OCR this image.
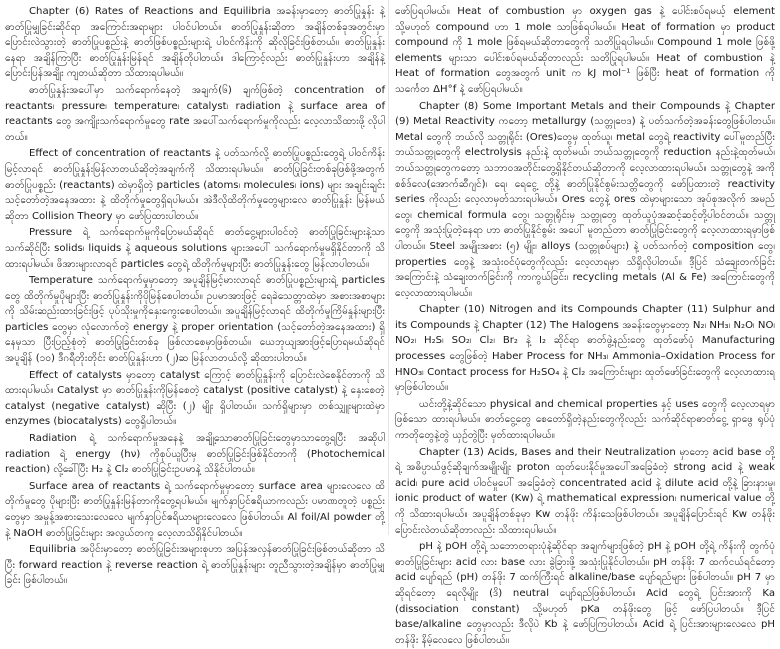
Chapter (6) Rates of Reactions and Equilibria အခန်းမှာတော့ ဓာတ်ပြုနှုန်း နဲ့ ဓာတ်ပြုမျှခြင်းဆိုင်ရာ အကြောင်းအရာများ ပါဝင်ပါတယ်။ ဓာတ်ပြုနှုန်းဆိုတာ အချိန်တစ်ခုအတွင်းမှာ ပြောင်းလဲသွားတဲ့ ဓာတ်ပြုပစ္စည်းနဲ့ ဓာတ်ဖြစ်ပစ္စည်းများရဲ့ ပါဝင်ကိန်းကို ဆိုလိုခြင်းဖြစ်တယ်။ ဓာတ်ပြုနှုန်းနေရာ အချိန်ကြာပြီး ဓာတ်ပြုနှုန်းမြန်ရင် အချိန်တိုပါတယ်။ ဒါကြောင့်လည်း ဓာတ်ပြုနှုန်းဟာ အချိန်နဲ့ ပြောင်းပြန်အချိုး ကျတယ်ဆိုတာ သိထားရပါမယ်။

ဓာတ်ပြုနှုန်းအပေါ်မှာ သက်ရောက်နေတဲ့ အချက်(၆) ချက်ဖြစ်တဲ့ concentration of reactants၊ pressure၊ temperature၊ catalyst၊ radiation နဲ့ surface area of reactants တွေ အကျိုးသက်ရောက်မှုတွေ rate အပေါ်သက်ရောက်မှုကိုလည်း လေ့လာသိထားဖို့ လိုပါတယ်။

Effect of concentration of reactants နဲ့ ပတ်သက်လို့ ဓာတ်ပြုပစ္စည်းတွေရဲ့ ပါဝင်ကိန်းမြင့်လာရင် ဓာတ်ပြုနှုန်းမြန်လာတယ်ဆိုတဲ့အချက်ကို သိထားရပါမယ်။ ဓာတ်ပြုခြင်းတစ်ခုဖြစ်ဖို့အတွက် ဓာတ်ပြုပစ္စည်း (reactants) ထဲမှာရှိတဲ့ particles (atoms၊ molecules၊ ions) များ အချင်းချင်းသင့်တော်တဲ့အနေအထား နဲ့ ထိတိုက်မှုတွေရှိရပါမယ်။ အဲဒီလိုထိတိုက်မှုတွေများလေ ဓာတ်ပြုနှုန်း မြန်မယ်ဆိုတာ Collision Theory မှာ ဖော်ပြထားပါတယ်။

Pressure ရဲ့ သက်ရောက်မှုကိုပြောမယ်ဆိုရင် ဓာတ်ငွေ့များပါဝင်တဲ့ ဓာတ်ပြုခြင်းများနဲ့သာ သက်ဆိုင်ပြီး solids၊ liquids နဲ့ aqueous solutions များအပေါ် သက်ရောက်မှုမရှိနိုင်တာကို သိထားရပါမယ်။ ဖိအားများလာရင် particles တွေရဲ့ ထိတိုက်မှုများပြီး ဓာတ်ပြုနှုန်းတွေ မြန်လာပါတယ်။

Temperature သက်ရောက်မှုမှာတော့ အပူချိန်မြင့်မားလာရင် ဓာတ်ပြုပစ္စည်းများရဲ့ particles တွေ ထိတိုက်မှုပိုများပြီး ဓာတ်ပြုနှုန်းကိုပိုမြန်စေပါတယ်။ ဥပမာအားဖြင့် ရေခဲသေတ္တာထဲမှာ အစားအစာများကို သိမ်းဆည်းထားခြင်းဖြင့် ပုပ်သိုးမှုကိုနှေးကွေးစေပါတယ်။ အပူချိန်မြင့်လာရင် ထိတိုက်မှုကြိမ်နှုန်းများပြီး particles တွေမှာ လုံလောက်တဲ့ energy နဲ့ proper orientation (သင့်တော်တဲ့အနေအထား) ရှိနေမှသာ ပြီးပြည့်စုံတဲ့ ဓာတ်ပြုခြင်းတစ်ခု ဖြစ်လာစေမှာဖြစ်တယ်။ ယေဘုယျအားဖြင့်ပြောရမယ်ဆိုရင် အပူချိန် (၁၀) ဒီဂရီတိုးတိုင်း ဓာတ်ပြုနှုန်းဟာ (၂)ဆ မြန်လာတယ်လို့ ဆိုထားပါတယ်။

Effect of catalysts မှာတော့ catalyst ကြောင့် ဓာတ်ပြုနှုန်းကို ပြောင်းလဲစေနိုင်တာကို သိထားရပါမယ်။ Catalyst မှာ ဓာတ်ပြုနှုန်းကိုမြန်စေတဲ့ catalyst (positive catalyst) နဲ့ နှေးစေတဲ့ catalyst (negative catalyst) ဆိုပြီး (၂) မျိုး ရှိပါတယ်။ သက်ရှိများမှာ တစ်သျှူးများထဲမှာ enzymes (biocatalysts) တွေရှိပါတယ်။

Radiation ရဲ့ သက်ရောက်မှုအနေနဲ့ အချို့သောဓာတ်ပြုခြင်းတွေမှာသာတွေ့ရပြီး အဆိုပါ radiation ရဲ့ energy (hν) ကိုစုပ်ယူပြီးမှ ဓာတ်ပြုခြင်းဖြစ်နိုင်တာကို (Photochemical reaction) လို့ခေါ်ပြီး H₂ နဲ့ Cl₂ ဓာတ်ပြုခြင်းဥပမာနဲ့ သိနိုင်ပါတယ်။

Surface area of reactants ရဲ့ သက်ရောက်မှုမှာတော့ surface area များလေလေ ထိတိုက်မှုတွေ ပိုများပြီး ဓာတ်ပြုနှုန်းမြန်တာကိုတွေ့ရပါမယ်။ မျက်နှာပြင်ဧရိယာကလည်း ပမာဏတူတဲ့ ပစ္စည်းတွေမှာ အမှုန့်အစားသေးလေလေ မျက်နှာပြင်ဧရိယာများလေလေ ဖြစ်ပါတယ်။ Al foil/Al powder တို့နဲ့ NaOH ဓာတ်ပြုခြင်းများ အလွယ်တကူ လေ့လာသိရှိနိုင်ပါတယ်။

Equilibria အပိုင်းမှာတော့ ဓာတ်ပြုခြင်းအများစုဟာ အပြန်အလှန်ဓာတ်ပြုခြင်းဖြစ်တယ်ဆိုတာ သိပြီး forward reaction နဲ့ reverse reaction ရဲ့ ဓာတ်ပြုနှုန်းများ တူညီသွားတဲ့အချိန်မှာ ဓာတ်ပြုမျှခြင်း ဖြစ်ပါတယ်။

ဖော်ပြရပါမယ်။ Heat of combustion မှာ oxygen gas နဲ့ ပေါင်းစပ်ရမယ့် element သို့မဟုတ် compound ဟာ 1 mole သာဖြစ်ရပါမယ်။ Heat of formation မှာ product compound ကို 1 mole ဖြစ်ရမယ်ဆိုတာတွေကို သတိပြုရပါမယ်။ Compound 1 mole ဖြစ်ဖို့ elements များသာ ပေါင်းစပ်ရမယ်ဆိုတာလည်း သတိပြုရပါမယ်။ Heat of combustion နဲ့ Heat of formation တွေအတွက် unit က kJ mol⁻¹ ဖြစ်ပြီး heat of formation ကို သင်္ကေတ ΔH°f နဲ့ ဖော်ပြရပါမယ်။

Chapter (8) Some Important Metals and their Compounds နဲ့ Chapter (9) Metal Reactivity ကတော့ metallurgy (သတ္တုဗေဒ) နဲ့ ပတ်သက်တဲ့အခန်းတွေဖြစ်ပါတယ်။ Metal တွေကို ဘယ်လို သတ္တုရိုင်း (Ores)တွေမှ ထုတ်ယူ၊ metal တွေရဲ့ reactivity ပေါ်မူတည်ပြီး ဘယ်သတ္တုတွေကို electrolysis နည်းနဲ့ ထုတ်မယ်၊ ဘယ်သတ္တုတွေကို reduction နည်းနဲ့ထုတ်မယ်၊ ဘယ်သတ္တုတွေကတော့ သဘာဝအတိုင်းတွေ့ရှိနိုင်တယ်ဆိုတာကို လေ့လာထားရပါမယ်။ သတ္တုတွေနဲ့ အကိုစစ်ဒ်လေ(အောက်ဆီဂျင်)၊ ရေ၊ ရေငွေ့ တို့နဲ့ ဓာတ်ပြုနိုင်စွမ်းသတ္တိတွေကို ဖော်ပြထားတဲ့ reactivity series ကိုလည်း လေ့လာမှတ်သားရပါမယ်။ Ores တွေနဲ့ ores ထဲမှာများသော အုပ်စုအလိုက် အမည်တွေ၊ chemical formula တွေ၊ သတ္တုရိုင်းမှ သတ္တုတွေ ထုတ်ယူပုံအဆင့်ဆင့်တို့ပါဝင်တယ်။ သတ္တုတွေကို အသုံးပြုတဲ့နေရာ ဟာ ဓာတ်ပြုနိုင်စွမ်း အပေါ် မူတည်တာ ဓာတ်ပြုခြင်းတွေကို လေ့လာထားရမှာဖြစ်ပါတယ်။ Steel အမျိုးအစား (၅) မျိုး၊ alloys (သတ္တုစပ်များ) နဲ့ ပတ်သက်တဲ့ composition တွေ၊ properties တွေနဲ့ အသုံးဝင်ပုံတွေကိုလည်း လေ့လာရမှာ သိရှိလိုပါတယ်။ ဒီ့ပြင် သံချေးတက်ခြင်းအကြောင်းနဲ့ သံချေးတက်ခြင်းကို ကာကွယ်ခြင်း၊ recycling metals (Al & Fe) အကြောင်းတွေကို လေ့လာထားရပါမယ်။

Chapter (10) Nitrogen and its Compounds Chapter (11) Sulphur and its Compounds နဲ့ Chapter (12) The Halogens အခန်းတွေမှာတော့ N₂၊ NH₃၊ N₂O၊ NO၊ NO₂၊ H₂S၊ SO₂၊ Cl₂၊ Br₂ နဲ့ I₂ ဆိုင်ရာ ဓာတ်ဖွဲ့နည်းတွေ ထုတ်ဖော်ပုံ Manufacturing processes တွေဖြစ်တဲ့ Haber Process for NH₃၊ Ammonia–Oxidation Process for HNO₃၊ Contact process for H₂SO₄ နဲ့ Cl₂ အကြောင်းများ ထုတ်ဖော်ခြင်းတွေကို လေ့လာထားရမှာဖြစ်ပါတယ်။

ယင်းတို့နဲ့ဆိုင်သော physical and chemical properties နှင့် uses တွေကို လေ့လာရမှာဖြစ်သော ထားရပါမယ်။ ဓာတ်ငွေ့တွေ စေတော်ရှိတဲ့နည်းတွေကိုလည်း သက်ဆိုင်ရာဓာတ်ငွေ့ ရှာဖွေ ရုပ်ပုံကာတိုတွေနဲ့တွဲ ယှဉ်တွဲပြီး မှတ်ထားရပါမယ်။

Chapter (13) Acids, Bases and their Neutralization မှာတော့ acid base တို့ရဲ့ အဓိပ္ပာယ်ဖွင့်ဆိုချက်အမျိုးမျိုး proton ထုတ်ပေးနိုင်မှုအပေါ်အခြေခံတဲ့ strong acid နဲ့ weak acid၊ pure acid ပါဝင်မှုပေါ် အခြေခံတဲ့ concentrated acid နဲ့ dilute acid တို့နဲ့ ခြားနားမှု၊ ionic product of water (Kw) ရဲ့ mathematical expression၊ numerical value တို့ကို သိထားရပါမယ်။ အပူချိန်တစ်ခုမှာ Kw တန်ဖိုး ကိန်းသေဖြစ်ပါတယ်။ အပူချိန်ပြောင်းရင် Kw တန်ဖိုးပြောင်းလဲတယ်ဆိုတာလည်း သိထားရပါမယ်။

pH နဲ့ pOH တို့ရဲ့ သဘောတရားပုံနဲ့ဆိုင်ရာ အချက်များဖြစ်တဲ့ pH နဲ့ pOH တို့ရဲ့ ကိန်းကို တွက်ပုံ ဓာတ်ပြုခြင်းများ acid လား base လား ခွဲခြားဖို့ အသုံးပြုနိုင်ပါတယ်။ pH တန်ဖိုး 7 ထက်ငယ်ရင်တော့ acid ပျော်ရည် (pH) တန်ဖိုး 7 ထက်ကြီးရင် alkaline/base ပျော်ရည်များ ဖြစ်ပါတယ်။ pH 7 မှာဆိုရင်တော့ ရေလိုမျိုး (ဒိ) neutral ပျော်ရည်ဖြစ်ပါတယ်။ Acid တွေရဲ့ ပြင်းအားကို Ka (dissociation constant) သို့မဟုတ် pKa တန်ဖိုးတွေ ဖြင့် ဖော်ပြပါတယ်။ ဒီ့ပြင် base/alkaline တွေမှာလည်း ဒီလိုပဲ Kb နဲ့ ဖော်ပြကြပါတယ်။ Acid ရဲ့ ပြင်းအားများလေလေ pH တန်ဖိုး နိမ့်လေလေ ဖြစ်ပါတယ်။
